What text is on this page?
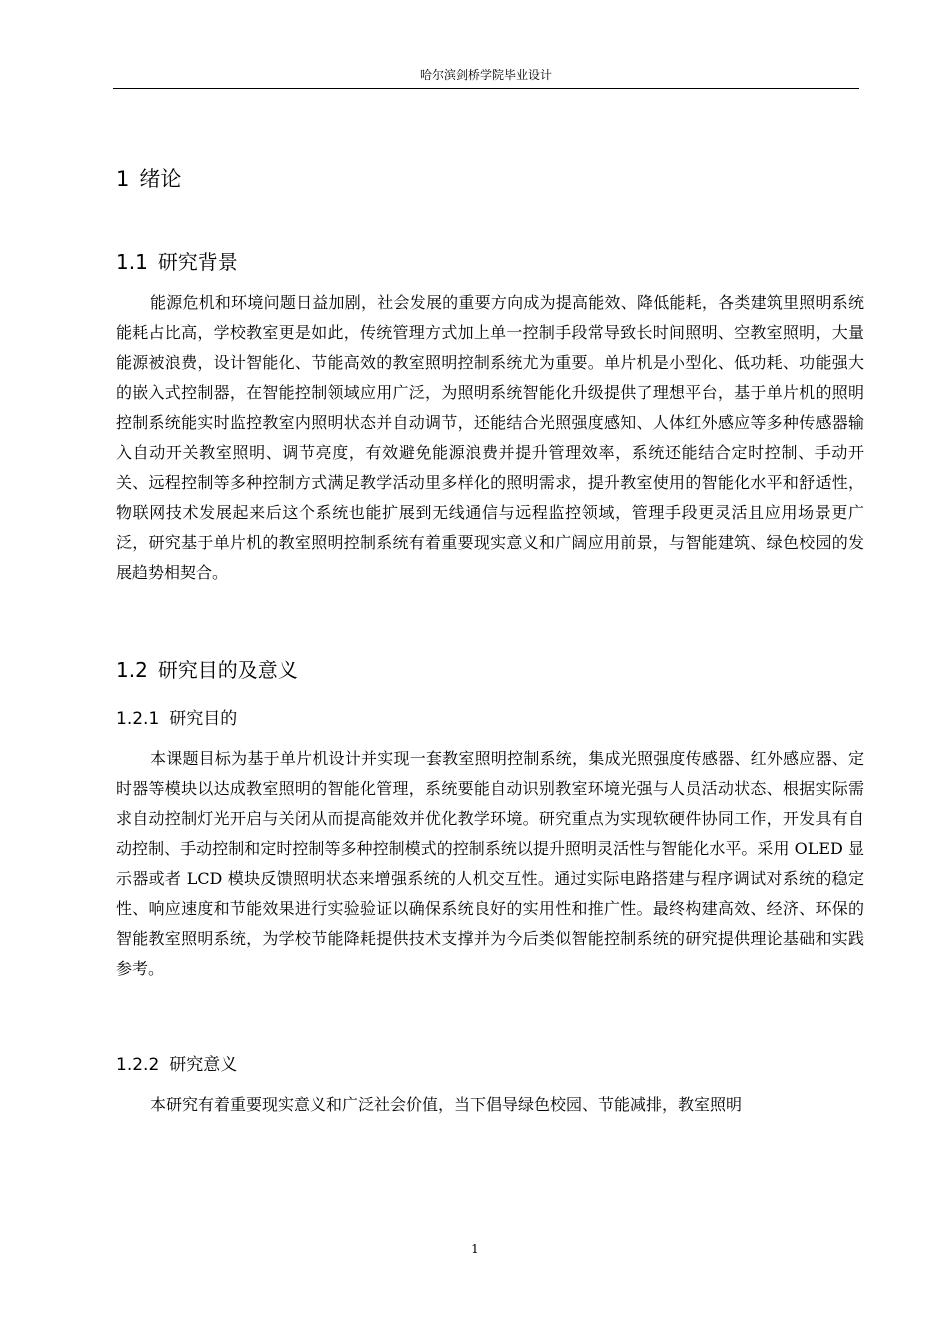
哈尔滨剑桥学院毕业设计
1 绪论
1.1 研究背景

能源危机和环境问题日益加剧，社会发展的重要方向成为提高能效、降低能耗，各类建筑里照明系统能耗占比高，学校教室更是如此，传统管理方式加上单一控制手段常导致长时间照明、空教室照明，大量能源被浪费，设计智能化、节能高效的教室照明控制系统尤为重要。单片机是小型化、低功耗、功能强大的嵌入式控制器，在智能控制领域应用广泛，为照明系统智能化升级提供了理想平台，基于单片机的照明控制系统能实时监控教室内照明状态并自动调节，还能结合光照强度感知、人体红外感应等多种传感器输入自动开关教室照明、调节亮度，有效避免能源浪费并提升管理效率，系统还能结合定时控制、手动开关、远程控制等多种控制方式满足教学活动里多样化的照明需求，提升教室使用的智能化水平和舒适性，物联网技术发展起来后这个系统也能扩展到无线通信与远程监控领域，管理手段更灵活且应用场景更广泛，研究基于单片机的教室照明控制系统有着重要现实意义和广阔应用前景，与智能建筑、绿色校园的发展趋势相契合。

1.2 研究目的及意义
1.2.1 研究目的

本课题目标为基于单片机设计并实现一套教室照明控制系统，集成光照强度传感器、红外感应器、定时器等模块以达成教室照明的智能化管理，系统要能自动识别教室环境光强与人员活动状态、根据实际需求自动控制灯光开启与关闭从而提高能效并优化教学环境。研究重点为实现软硬件协同工作，开发具有自动控制、手动控制和定时控制等多种控制模式的控制系统以提升照明灵活性与智能化水平。采用 OLED 显示器或者 LCD 模块反馈照明状态来增强系统的人机交互性。通过实际电路搭建与程序调试对系统的稳定性、响应速度和节能效果进行实验验证以确保系统良好的实用性和推广性。最终构建高效、经济、环保的智能教室照明系统，为学校节能降耗提供技术支撑并为今后类似智能控制系统的研究提供理论基础和实践参考。

1.2.2 研究意义

本研究有着重要现实意义和广泛社会价值，当下倡导绿色校园、节能减排，教室照明

1
